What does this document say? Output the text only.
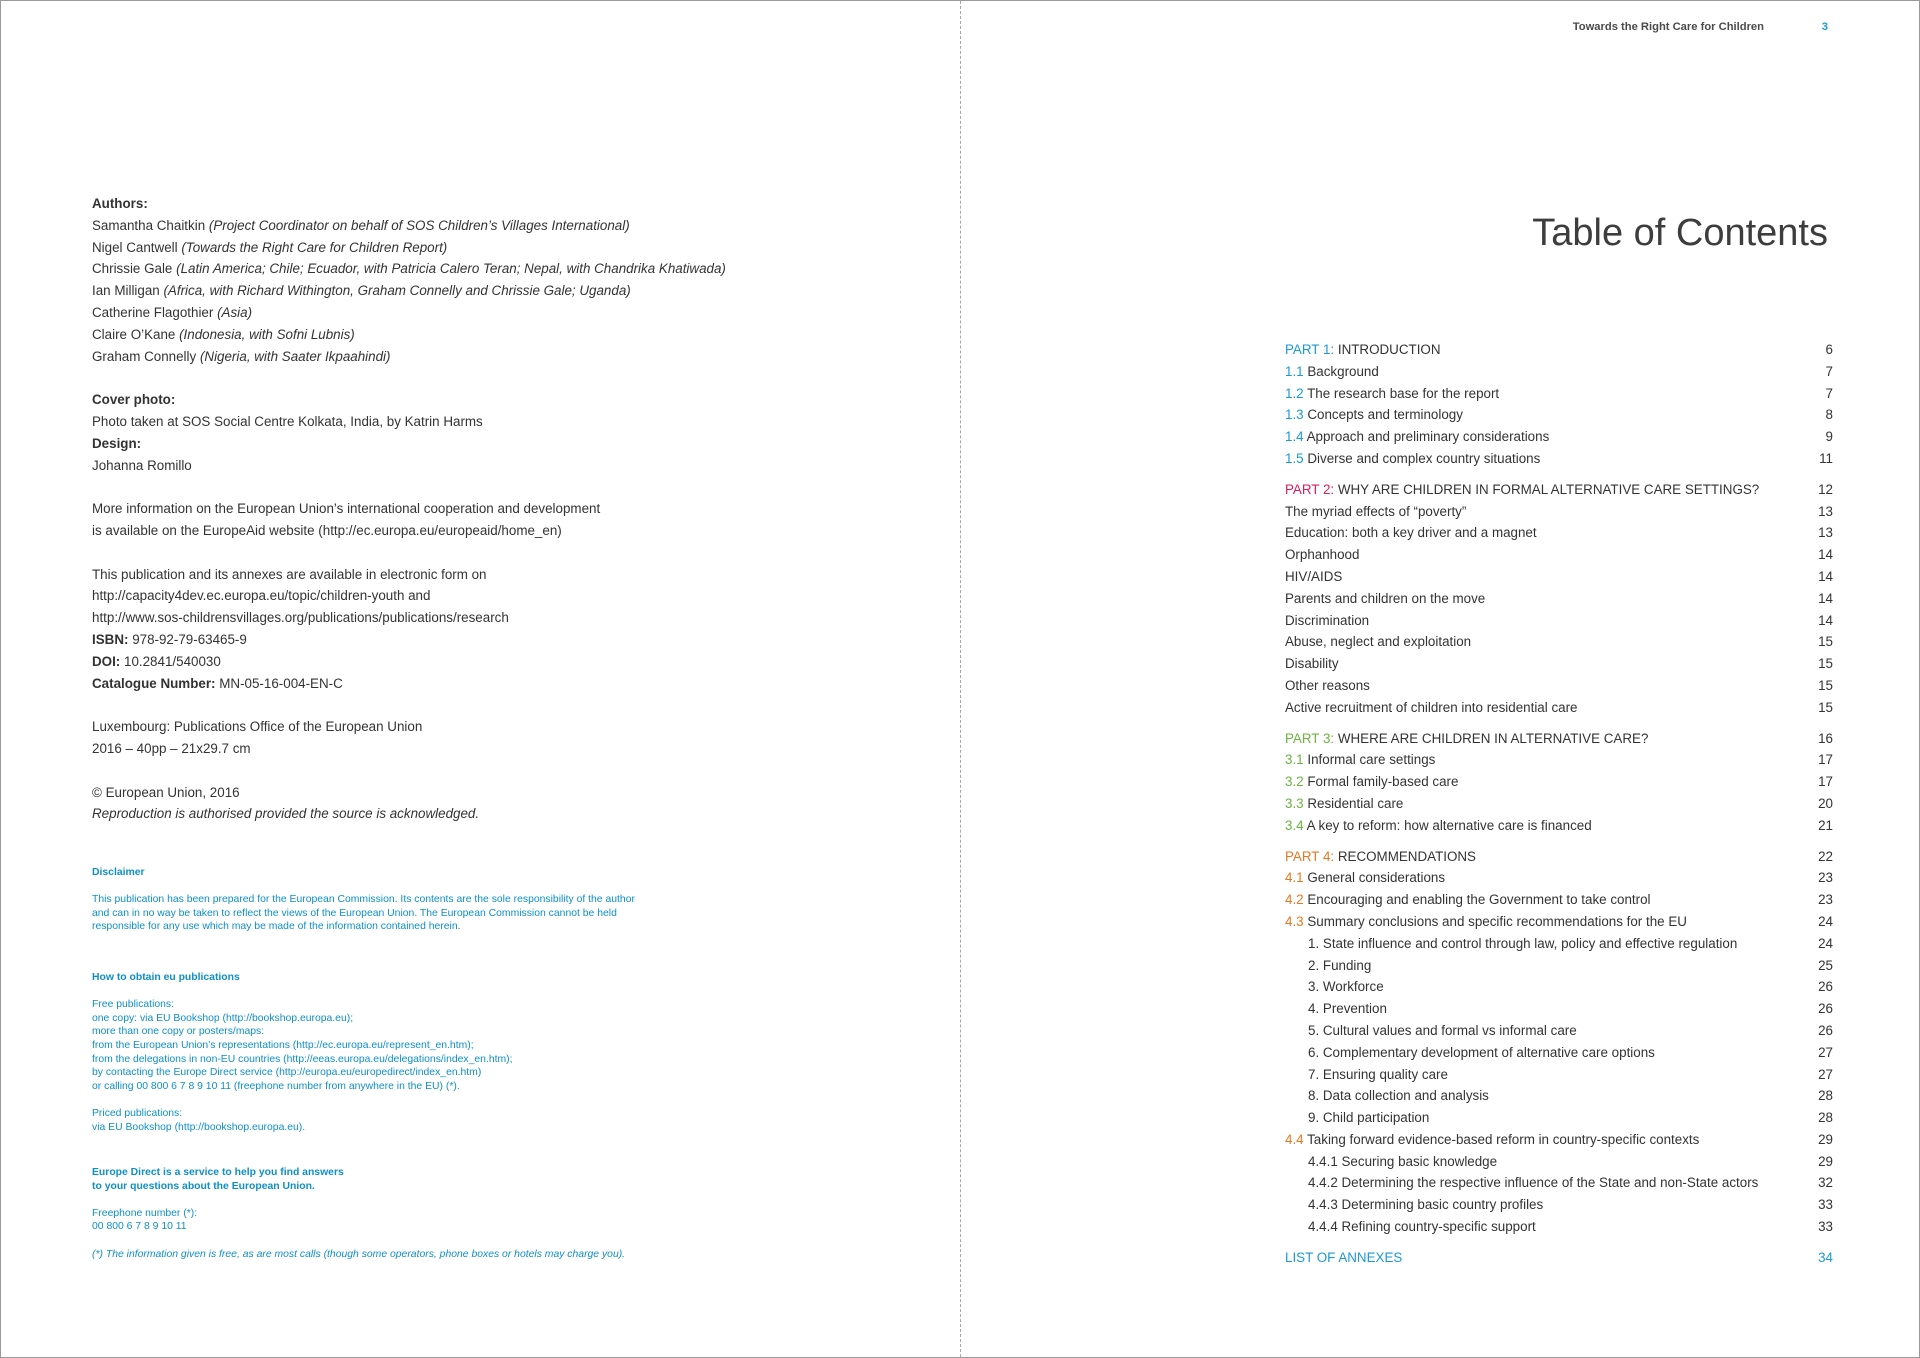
Authors:
Samantha Chaitkin (Project Coordinator on behalf of SOS Children’s Villages International)
Nigel Cantwell (Towards the Right Care for Children Report)
Chrissie Gale (Latin America; Chile; Ecuador, with Patricia Calero Teran; Nepal, with Chandrika Khatiwada)
Ian Milligan (Africa, with Richard Withington, Graham Connelly and Chrissie Gale; Uganda)
Catherine Flagothier (Asia)
Claire O’Kane (Indonesia, with Sofni Lubnis)
Graham Connelly (Nigeria, with Saater Ikpaahindi)
Cover photo:
Photo taken at SOS Social Centre Kolkata, India, by Katrin Harms
Design:
Johanna Romillo
More information on the European Union’s international cooperation and development
is available on the EuropeAid website (http://ec.europa.eu/europeaid/home_en)
This publication and its annexes are available in electronic form on
http://capacity4dev.ec.europa.eu/topic/children-youth and
http://www.sos-childrensvillages.org/publications/publications/research
ISBN: 978-92-79-63465-9
DOI: 10.2841/540030
Catalogue Number: MN-05-16-004-EN-C
Luxembourg: Publications Office of the European Union
2016 – 40pp – 21x29.7 cm
© European Union, 2016
Reproduction is authorised provided the source is acknowledged.
Disclaimer
This publication has been prepared for the European Commission. Its contents are the sole responsibility of the author
and can in no way be taken to reflect the views of the European Union. The European Commission cannot be held
responsible for any use which may be made of the information contained herein.
How to obtain eu publications
Free publications:
one copy: via EU Bookshop (http://bookshop.europa.eu);
more than one copy or posters/maps:
from the European Union’s representations (http://ec.europa.eu/represent_en.htm);
from the delegations in non-EU countries (http://eeas.europa.eu/delegations/index_en.htm);
by contacting the Europe Direct service (http://europa.eu/europedirect/index_en.htm)
or calling 00 800 6 7 8 9 10 11 (freephone number from anywhere in the EU) (*).
Priced publications:
via EU Bookshop (http://bookshop.europa.eu).
Europe Direct is a service to help you find answers
to your questions about the European Union.
Freephone number (*):
00 800 6 7 8 9 10 11
(*) The information given is free, as are most calls (though some operators, phone boxes or hotels may charge you).
Towards the Right Care for Children	3
Table of Contents
PART 1: INTRODUCTION	6
1.1 Background	7
1.2 The research base for the report	7
1.3 Concepts and terminology	8
1.4 Approach and preliminary considerations	9
1.5 Diverse and complex country situations	11
PART 2: WHY ARE CHILDREN IN FORMAL ALTERNATIVE CARE SETTINGS?	12
The myriad effects of “poverty”	13
Education: both a key driver and a magnet	13
Orphanhood	14
HIV/AIDS	14
Parents and children on the move	14
Discrimination	14
Abuse, neglect and exploitation	15
Disability	15
Other reasons	15
Active recruitment of children into residential care	15
PART 3: WHERE ARE CHILDREN IN ALTERNATIVE CARE?	16
3.1 Informal care settings	17
3.2 Formal family-based care	17
3.3 Residential care	20
3.4 A key to reform: how alternative care is financed	21
PART 4: RECOMMENDATIONS	22
4.1 General considerations	23
4.2 Encouraging and enabling the Government to take control	23
4.3 Summary conclusions and specific recommendations for the EU	24
1. State influence and control through law, policy and effective regulation	24
2. Funding	25
3. Workforce	26
4. Prevention	26
5. Cultural values and formal vs informal care	26
6. Complementary development of alternative care options	27
7. Ensuring quality care	27
8. Data collection and analysis	28
9. Child participation	28
4.4 Taking forward evidence-based reform in country-specific contexts	29
4.4.1 Securing basic knowledge	29
4.4.2 Determining the respective influence of the State and non-State actors	32
4.4.3 Determining basic country profiles	33
4.4.4 Refining country-specific support	33
LIST OF ANNEXES	34
